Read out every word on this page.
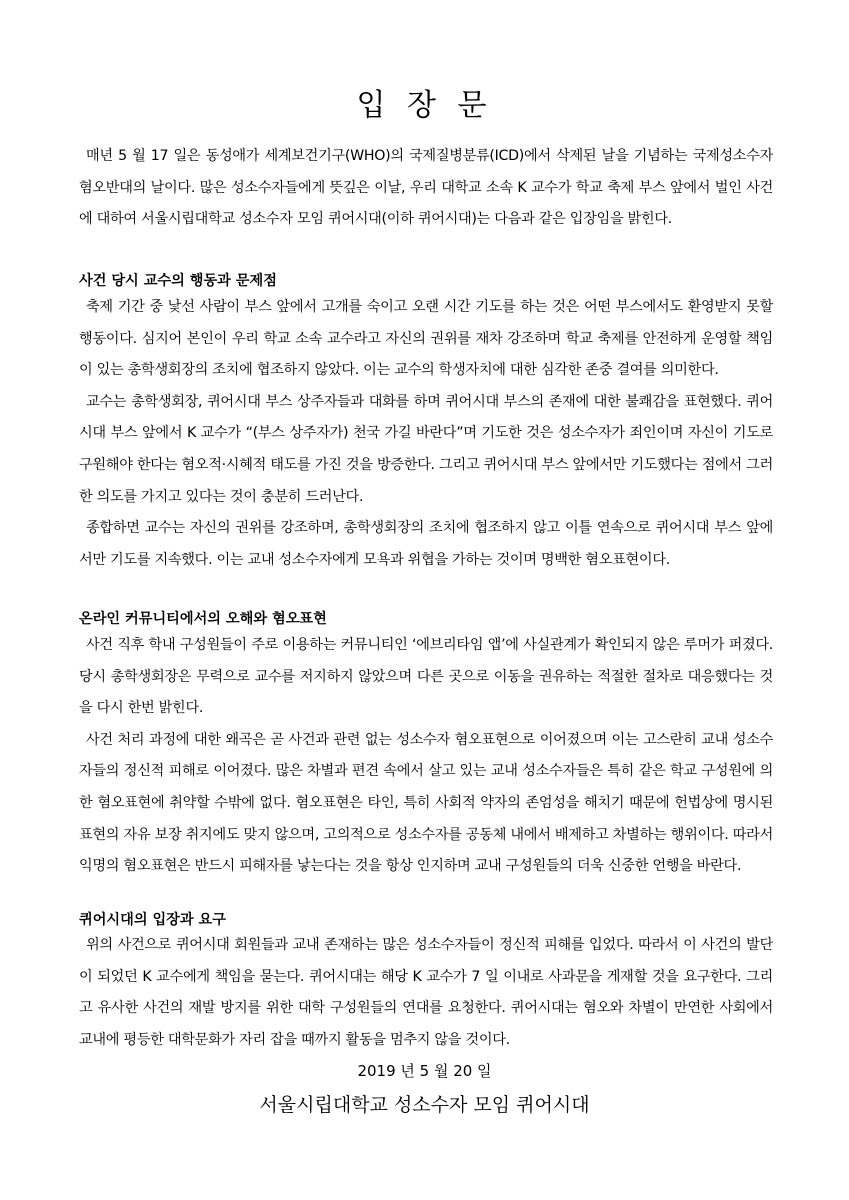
입 장 문

매년 5 월 17 일은 동성애가 세계보건기구(WHO)의 국제질병분류(ICD)에서 삭제된 날을 기념하는 국제성소수자혐오반대의 날이다. 많은 성소수자들에게 뜻깊은 이날, 우리 대학교 소속 K 교수가 학교 축제 부스 앞에서 벌인 사건에 대하여 서울시립대학교 성소수자 모임 퀴어시대(이하 퀴어시대)는 다음과 같은 입장임을 밝힌다.

사건 당시 교수의 행동과 문제점

축제 기간 중 낯선 사람이 부스 앞에서 고개를 숙이고 오랜 시간 기도를 하는 것은 어떤 부스에서도 환영받지 못할 행동이다. 심지어 본인이 우리 학교 소속 교수라고 자신의 권위를 재차 강조하며 학교 축제를 안전하게 운영할 책임이 있는 총학생회장의 조치에 협조하지 않았다. 이는 교수의 학생자치에 대한 심각한 존중 결여를 의미한다.

교수는 총학생회장, 퀴어시대 부스 상주자들과 대화를 하며 퀴어시대 부스의 존재에 대한 불쾌감을 표현했다. 퀴어시대 부스 앞에서 K 교수가 “(부스 상주자가) 천국 가길 바란다”며 기도한 것은 성소수자가 죄인이며 자신이 기도로 구원해야 한다는 혐오적·시혜적 태도를 가진 것을 방증한다. 그리고 퀴어시대 부스 앞에서만 기도했다는 점에서 그러한 의도를 가지고 있다는 것이 충분히 드러난다.

종합하면 교수는 자신의 권위를 강조하며, 총학생회장의 조치에 협조하지 않고 이틀 연속으로 퀴어시대 부스 앞에서만 기도를 지속했다. 이는 교내 성소수자에게 모욕과 위협을 가하는 것이며 명백한 혐오표현이다.

온라인 커뮤니티에서의 오해와 혐오표현

사건 직후 학내 구성원들이 주로 이용하는 커뮤니티인 ‘에브리타임 앱’에 사실관계가 확인되지 않은 루머가 퍼졌다. 당시 총학생회장은 무력으로 교수를 저지하지 않았으며 다른 곳으로 이동을 권유하는 적절한 절차로 대응했다는 것을 다시 한번 밝힌다.

사건 처리 과정에 대한 왜곡은 곧 사건과 관련 없는 성소수자 혐오표현으로 이어졌으며 이는 고스란히 교내 성소수자들의 정신적 피해로 이어졌다. 많은 차별과 편견 속에서 살고 있는 교내 성소수자들은 특히 같은 학교 구성원에 의한 혐오표현에 취약할 수밖에 없다. 혐오표현은 타인, 특히 사회적 약자의 존엄성을 해치기 때문에 헌법상에 명시된 표현의 자유 보장 취지에도 맞지 않으며, 고의적으로 성소수자를 공동체 내에서 배제하고 차별하는 행위이다. 따라서 익명의 혐오표현은 반드시 피해자를 낳는다는 것을 항상 인지하며 교내 구성원들의 더욱 신중한 언행을 바란다.

퀴어시대의 입장과 요구

위의 사건으로 퀴어시대 회원들과 교내 존재하는 많은 성소수자들이 정신적 피해를 입었다. 따라서 이 사건의 발단이 되었던 K 교수에게 책임을 묻는다. 퀴어시대는 해당 K 교수가 7 일 이내로 사과문을 게재할 것을 요구한다. 그리고 유사한 사건의 재발 방지를 위한 대학 구성원들의 연대를 요청한다. 퀴어시대는 혐오와 차별이 만연한 사회에서 교내에 평등한 대학문화가 자리 잡을 때까지 활동을 멈추지 않을 것이다.

2019 년 5 월 20 일
서울시립대학교 성소수자 모임 퀴어시대
